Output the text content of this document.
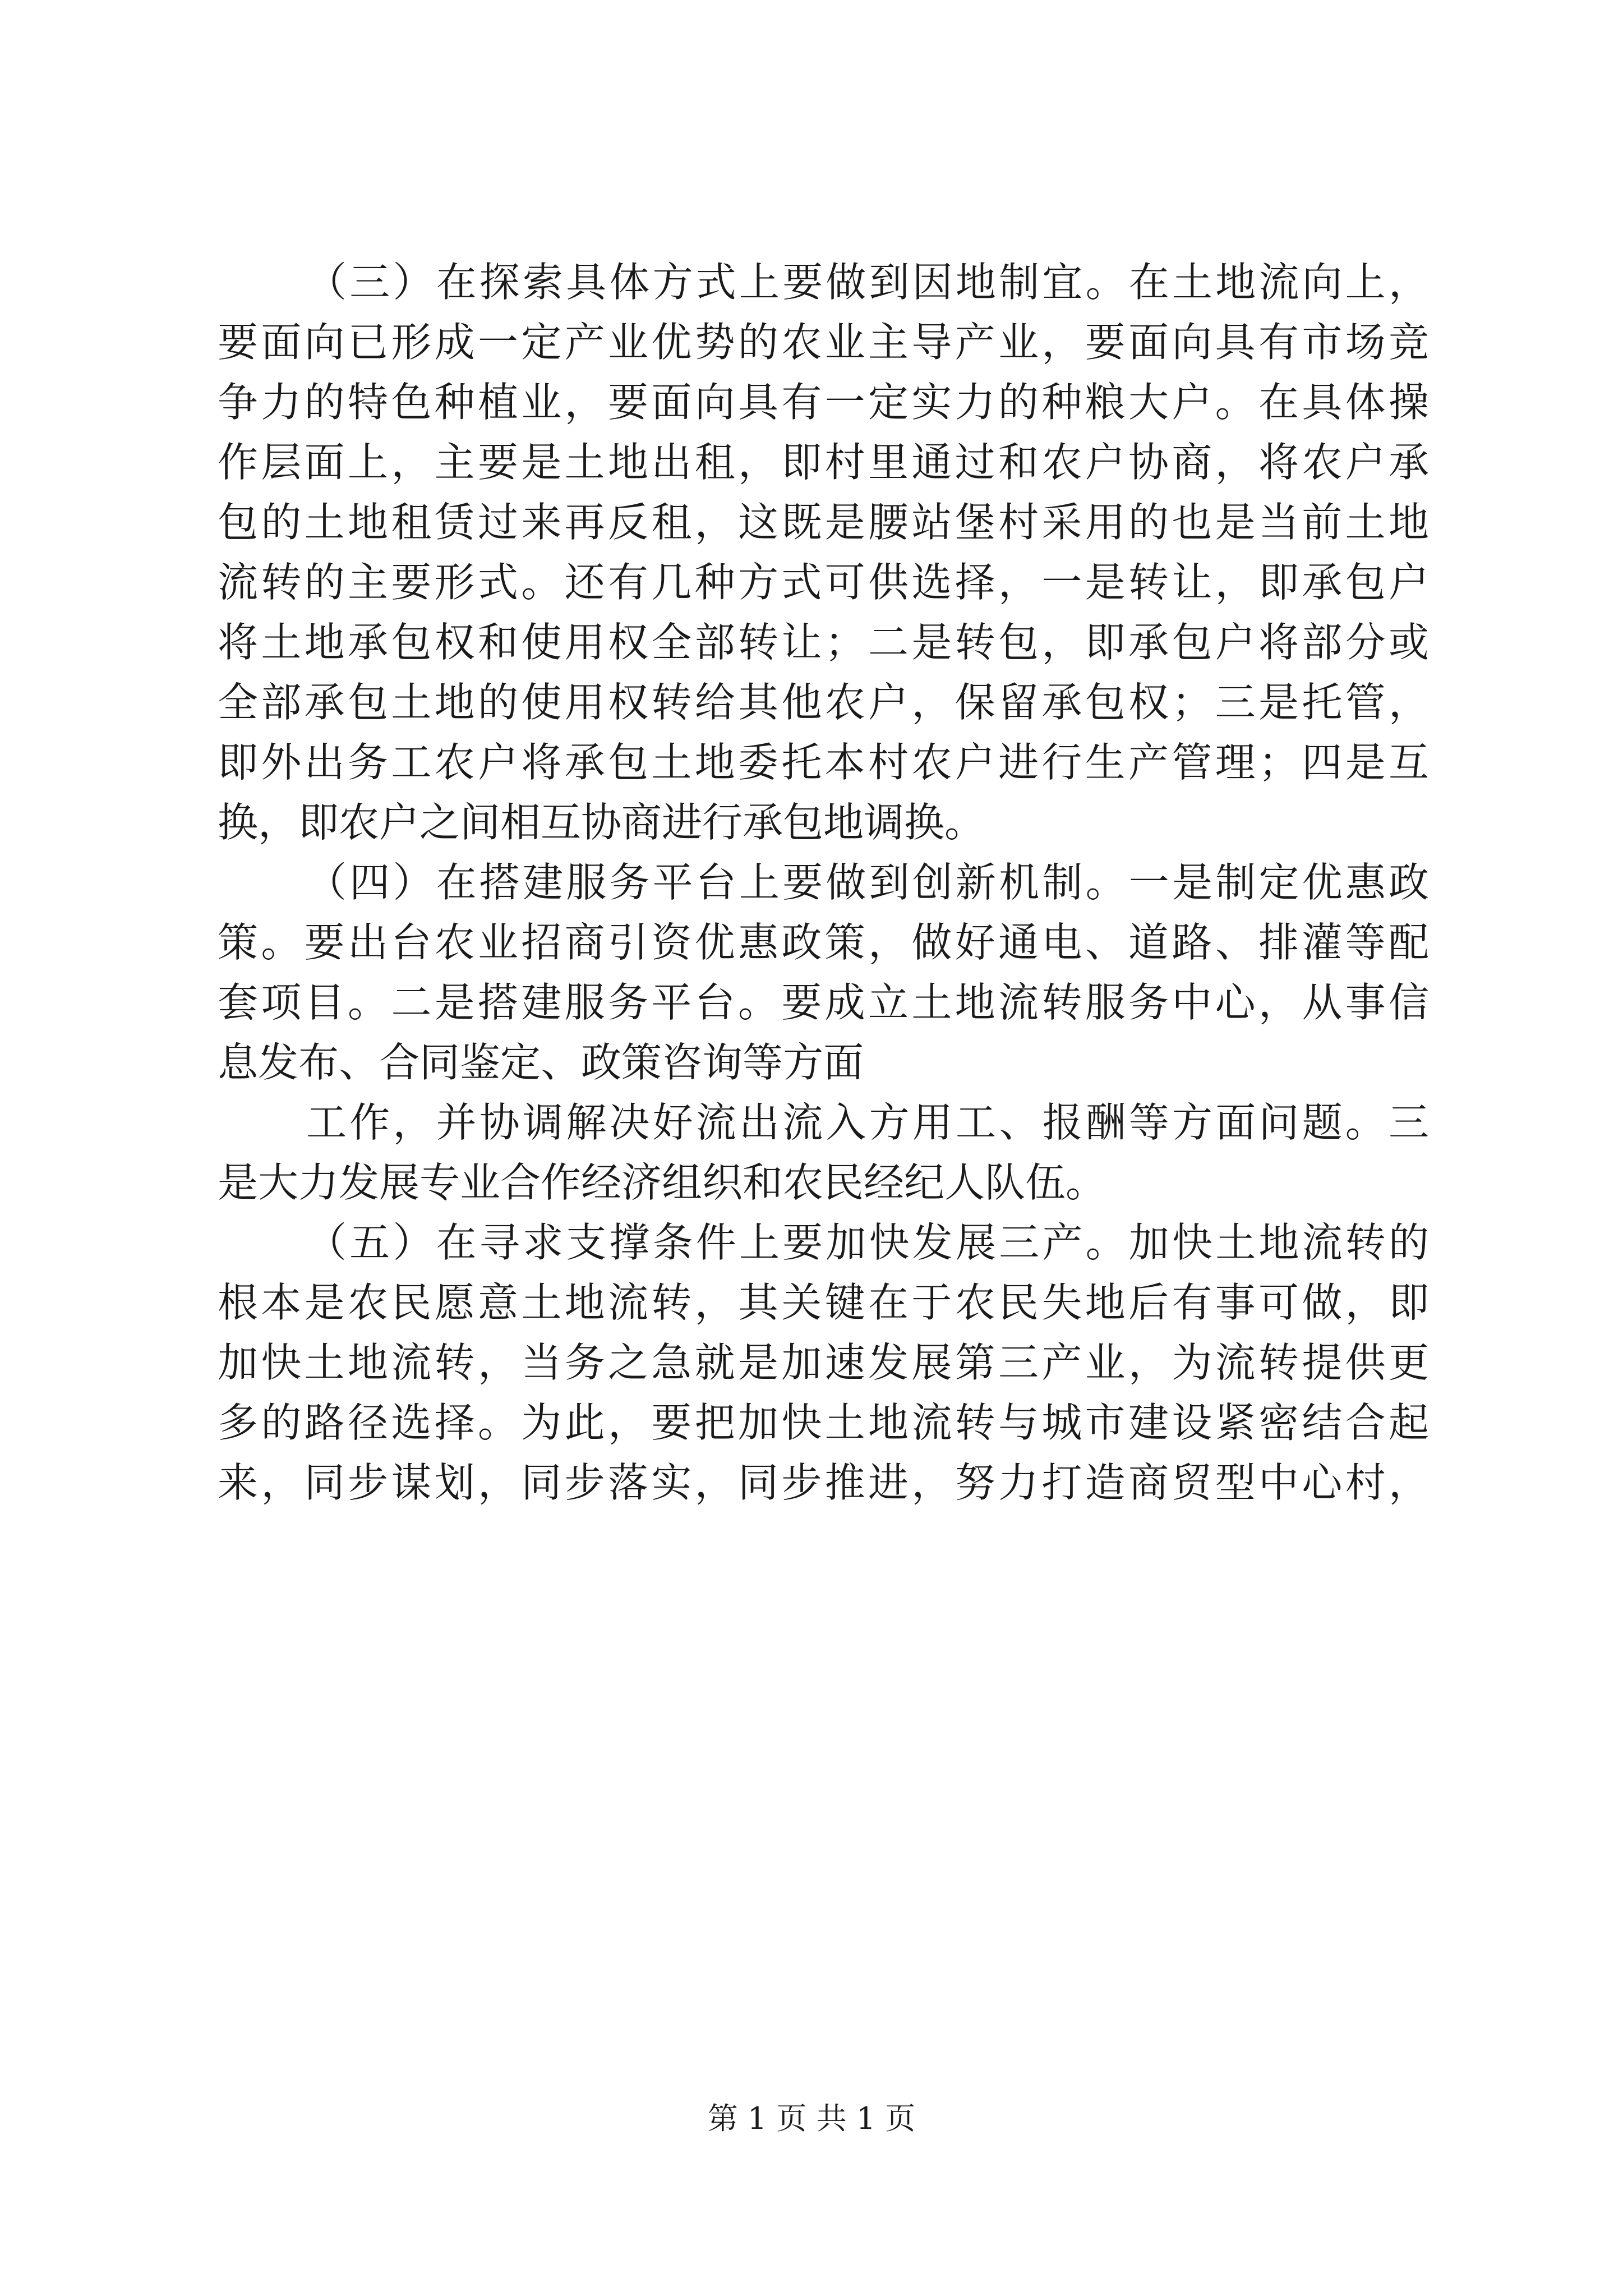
（三）在探索具体方式上要做到因地制宜。在土地流向上，
要面向已形成一定产业优势的农业主导产业，要面向具有市场竞
争力的特色种植业，要面向具有一定实力的种粮大户。在具体操
作层面上，主要是土地出租，即村里通过和农户协商，将农户承
包的土地租赁过来再反租，这既是腰站堡村采用的也是当前土地
流转的主要形式。还有几种方式可供选择，一是转让，即承包户
将土地承包权和使用权全部转让；二是转包，即承包户将部分或
全部承包土地的使用权转给其他农户，保留承包权；三是托管，
即外出务工农户将承包土地委托本村农户进行生产管理；四是互
换，即农户之间相互协商进行承包地调换。
（四）在搭建服务平台上要做到创新机制。一是制定优惠政
策。要出台农业招商引资优惠政策，做好通电、道路、排灌等配
套项目。二是搭建服务平台。要成立土地流转服务中心，从事信
息发布、合同鉴定、政策咨询等方面
工作，并协调解决好流出流入方用工、报酬等方面问题。三
是大力发展专业合作经济组织和农民经纪人队伍。
（五）在寻求支撑条件上要加快发展三产。加快土地流转的
根本是农民愿意土地流转，其关键在于农民失地后有事可做，即
加快土地流转，当务之急就是加速发展第三产业，为流转提供更
多的路径选择。为此，要把加快土地流转与城市建设紧密结合起
来，同步谋划，同步落实，同步推进，努力打造商贸型中心村，
第 1 页 共 1 页
